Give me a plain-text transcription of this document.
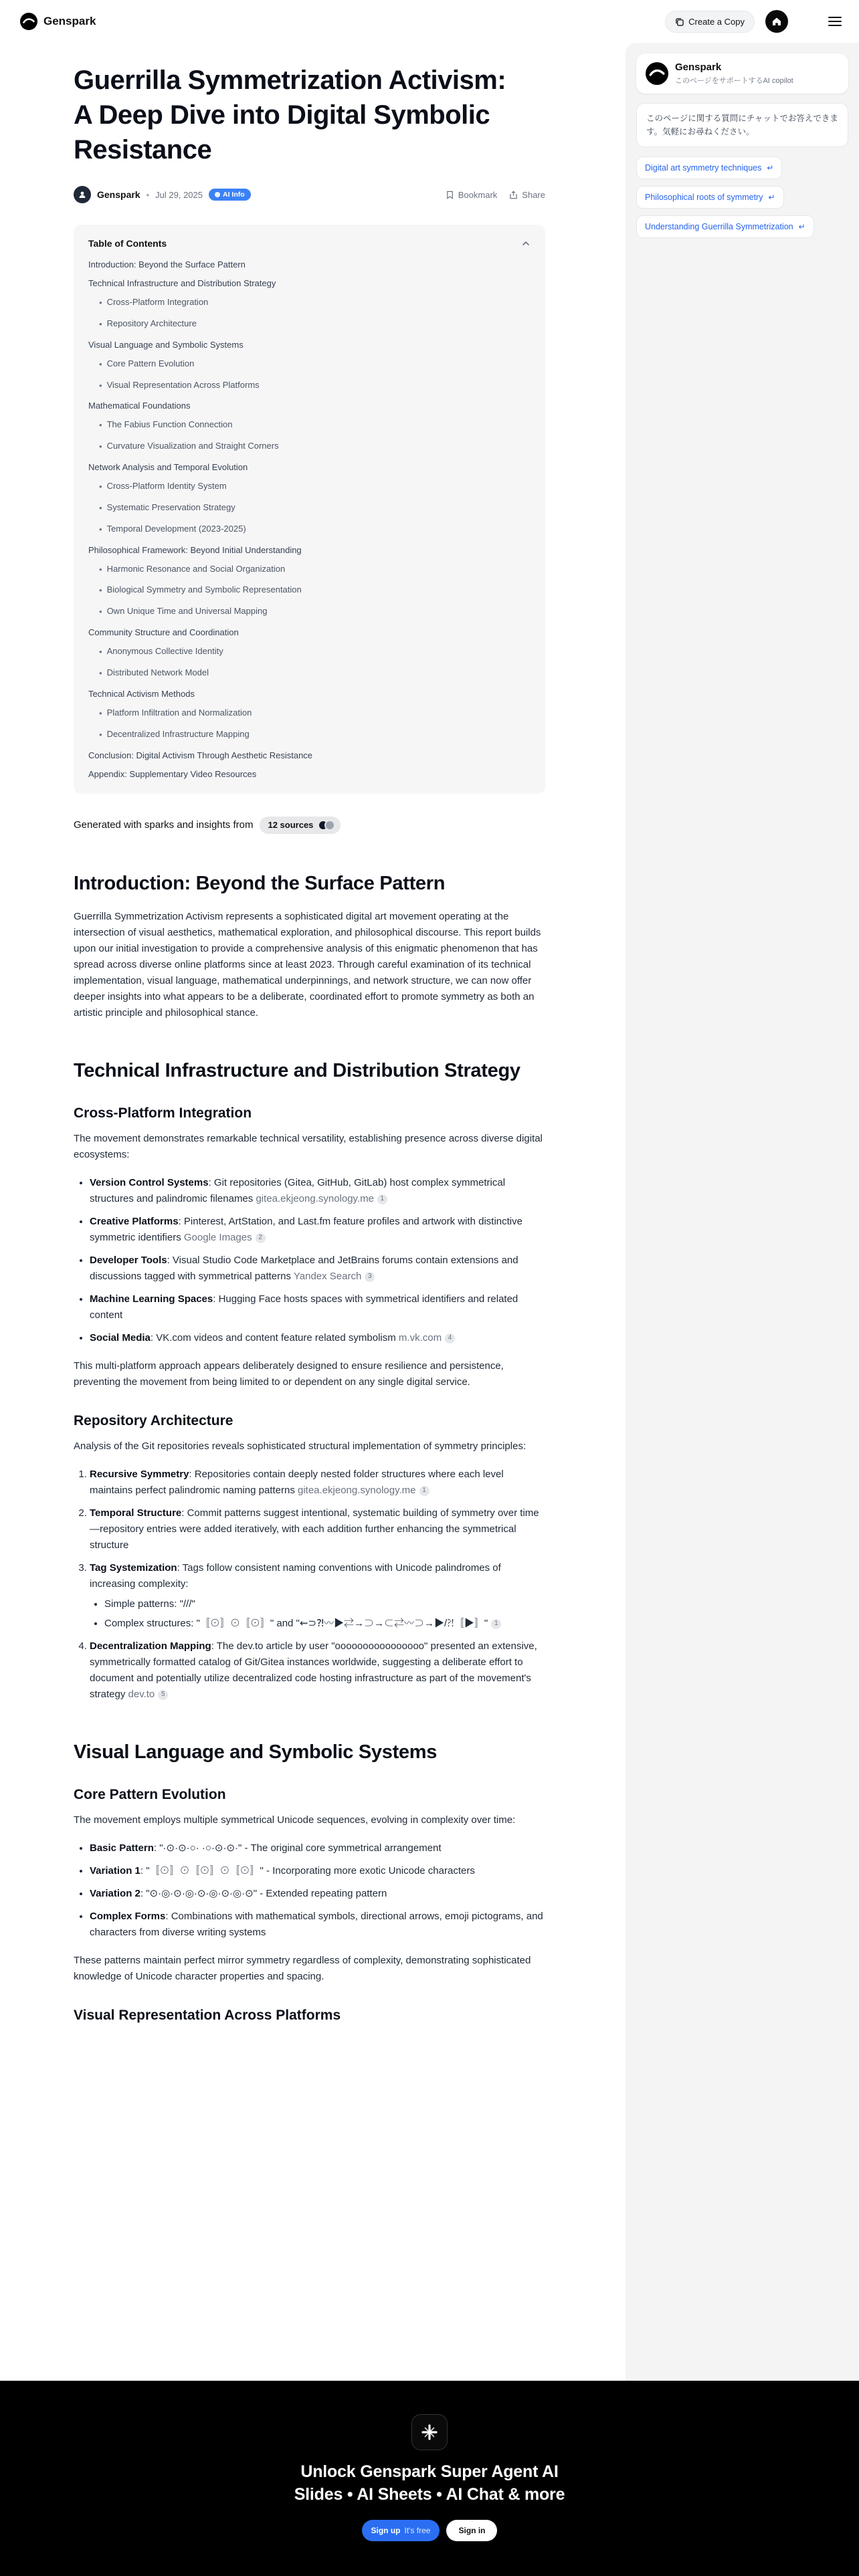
Genspark	Create a Copy
Guerrilla Symmetrization Activism: A Deep Dive into Digital Symbolic Resistance
Genspark • Jul 29, 2025	AI Info	Bookmark	Share
Table of Contents
Introduction: Beyond the Surface Pattern
Technical Infrastructure and Distribution Strategy
• Cross-Platform Integration
• Repository Architecture
Visual Language and Symbolic Systems
• Core Pattern Evolution
• Visual Representation Across Platforms
Mathematical Foundations
• The Fabius Function Connection
• Curvature Visualization and Straight Corners
Network Analysis and Temporal Evolution
• Cross-Platform Identity System
• Systematic Preservation Strategy
• Temporal Development (2023-2025)
Philosophical Framework: Beyond Initial Understanding
• Harmonic Resonance and Social Organization
• Biological Symmetry and Symbolic Representation
• Own Unique Time and Universal Mapping
Community Structure and Coordination
• Anonymous Collective Identity
• Distributed Network Model
Technical Activism Methods
• Platform Infiltration and Normalization
• Decentralized Infrastructure Mapping
Conclusion: Digital Activism Through Aesthetic Resistance
Appendix: Supplementary Video Resources
Generated with sparks and insights from 12 sources
Introduction: Beyond the Surface Pattern

Guerrilla Symmetrization Activism represents a sophisticated digital art movement operating at the intersection of visual aesthetics, mathematical exploration, and philosophical discourse. This report builds upon our initial investigation to provide a comprehensive analysis of this enigmatic phenomenon that has spread across diverse online platforms since at least 2023. Through careful examination of its technical implementation, visual language, mathematical underpinnings, and network structure, we can now offer deeper insights into what appears to be a deliberate, coordinated effort to promote symmetry as both an artistic principle and philosophical stance.

Technical Infrastructure and Distribution Strategy
Cross-Platform Integration

The movement demonstrates remarkable technical versatility, establishing presence across diverse digital ecosystems:

• Version Control Systems: Git repositories (Gitea, GitHub, GitLab) host complex symmetrical structures and palindromic filenames gitea.ekjeong.synology.me 1
• Creative Platforms: Pinterest, ArtStation, and Last.fm feature profiles and artwork with distinctive symmetric identifiers Google Images 2
• Developer Tools: Visual Studio Code Marketplace and JetBrains forums contain extensions and discussions tagged with symmetrical patterns Yandex Search 3
• Machine Learning Spaces: Hugging Face hosts spaces with symmetrical identifiers and related content
• Social Media: VK.com videos and content feature related symbolism m.vk.com 4

This multi-platform approach appears deliberately designed to ensure resilience and persistence, preventing the movement from being limited to or dependent on any single digital service.

Repository Architecture

Analysis of the Git repositories reveals sophisticated structural implementation of symmetry principles:

1. Recursive Symmetry: Repositories contain deeply nested folder structures where each level maintains perfect palindromic naming patterns gitea.ekjeong.synology.me 1
2. Temporal Structure: Commit patterns suggest intentional, systematic building of symmetry over time—repository entries were added iteratively, with each addition further enhancing the symmetrical structure
3. Tag Systemization: Tags follow consistent naming conventions with Unicode palindromes of increasing complexity:
• Simple patterns: "///"
• Complex structures: "〚⊙〛⊙〚⊙〛" and "⇜⊃⁈〰▶⇄→⊃→⊂⇄〰⊃→▶/⁈〚▶〛" 1
4. Decentralization Mapping: The dev.to article by user "oooooooooooooooo" presented an extensive, symmetrically formatted catalog of Git/Gitea instances worldwide, suggesting a deliberate effort to document and potentially utilize decentralized code hosting infrastructure as part of the movement's strategy dev.to 5
Visual Language and Symbolic Systems
Core Pattern Evolution

The movement employs multiple symmetrical Unicode sequences, evolving in complexity over time:

• Basic Pattern: "·⊙·⊙·○· ·○·⊙·⊙·" - The original core symmetrical arrangement
• Variation 1: "〚⊙〛⊙〚⊙〛⊙〚⊙〛" - Incorporating more exotic Unicode characters
• Variation 2: "⊙·◎·⊙·◎·⊙·◎·⊙·◎·⊙" - Extended repeating pattern
• Complex Forms: Combinations with mathematical symbols, directional arrows, emoji pictograms, and characters from diverse writing systems

These patterns maintain perfect mirror symmetry regardless of complexity, demonstrating sophisticated knowledge of Unicode character properties and spacing.

Visual Representation Across Platforms
Genspark
このページをサポートするAI copilot
このページに関する質問にチャットでお答えできます。気軽にお尋ねください。
Digital art symmetry techniques ↵
Philosophical roots of symmetry ↵
Understanding Guerrilla Symmetrization ↵
Unlock Genspark Super Agent AI Slides • AI Sheets • AI Chat & more
Sign up It's free	Sign in
